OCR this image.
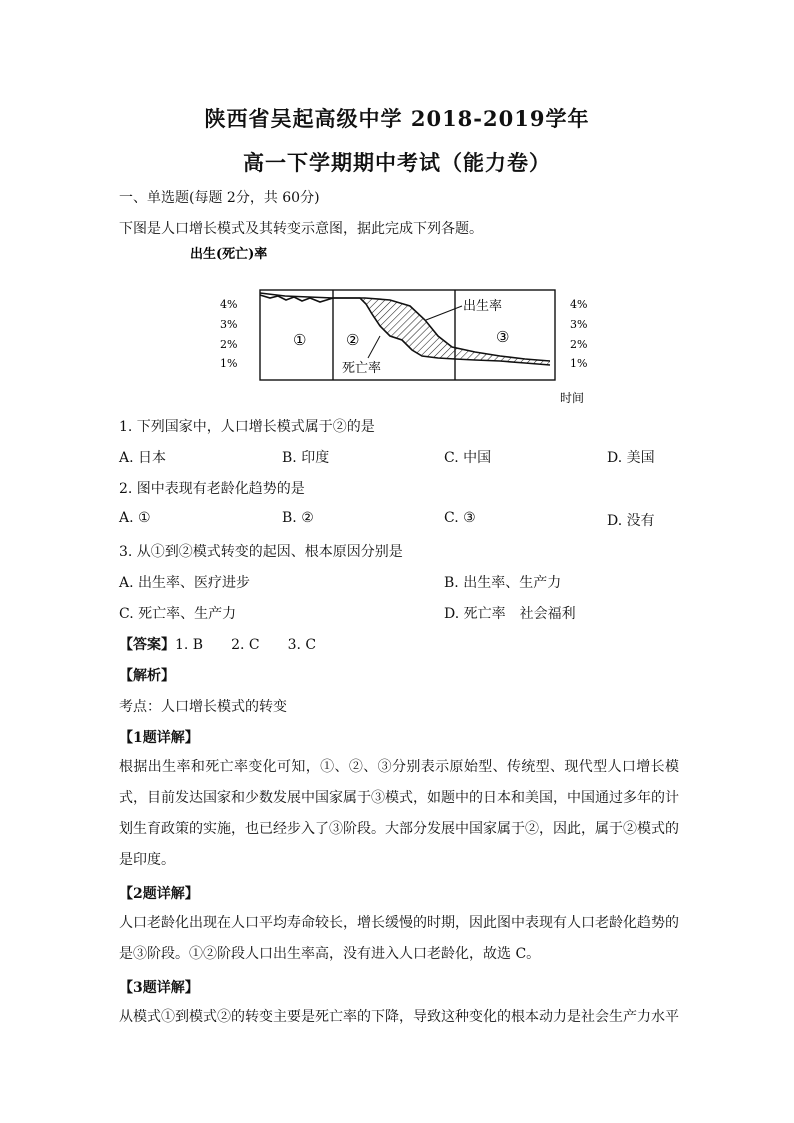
陕西省吴起高级中学 2018-2019学年
高一下学期期中考试（能力卷）
一、单选题(每题 2分，共 60分)
下图是人口增长模式及其转变示意图，据此完成下列各题。
出生(死亡)率
4%
3%
2%
1%
4%
3%
2%
1%
①	②	③
出生率
死亡率
时间
1. 下列国家中，人口增长模式属于②的是
A. 日本	B. 印度	C. 中国	D. 美国
2. 图中表现有老龄化趋势的是
A. ①	B. ②	C. ③	D. 没有
3. 从①到②模式转变的起因、根本原因分别是
A. 出生率、医疗进步	B. 出生率、生产力
C. 死亡率、生产力	D. 死亡率　社会福利
【答案】1. B　　2. C　　3. C
【解析】
考点：人口增长模式的转变
【1题详解】
根据出生率和死亡率变化可知，①、②、③分别表示原始型、传统型、现代型人口增长模式，目前发达国家和少数发展中国家属于③模式，如题中的日本和美国，中国通过多年的计划生育政策的实施，也已经步入了③阶段。大部分发展中国家属于②，因此，属于②模式的是印度。
【2题详解】
人口老龄化出现在人口平均寿命较长，增长缓慢的时期，因此图中表现有人口老龄化趋势的是③阶段。①②阶段人口出生率高，没有进入人口老龄化，故选 C。
【3题详解】
从模式①到模式②的转变主要是死亡率的下降，导致这种变化的根本动力是社会生产力水平
